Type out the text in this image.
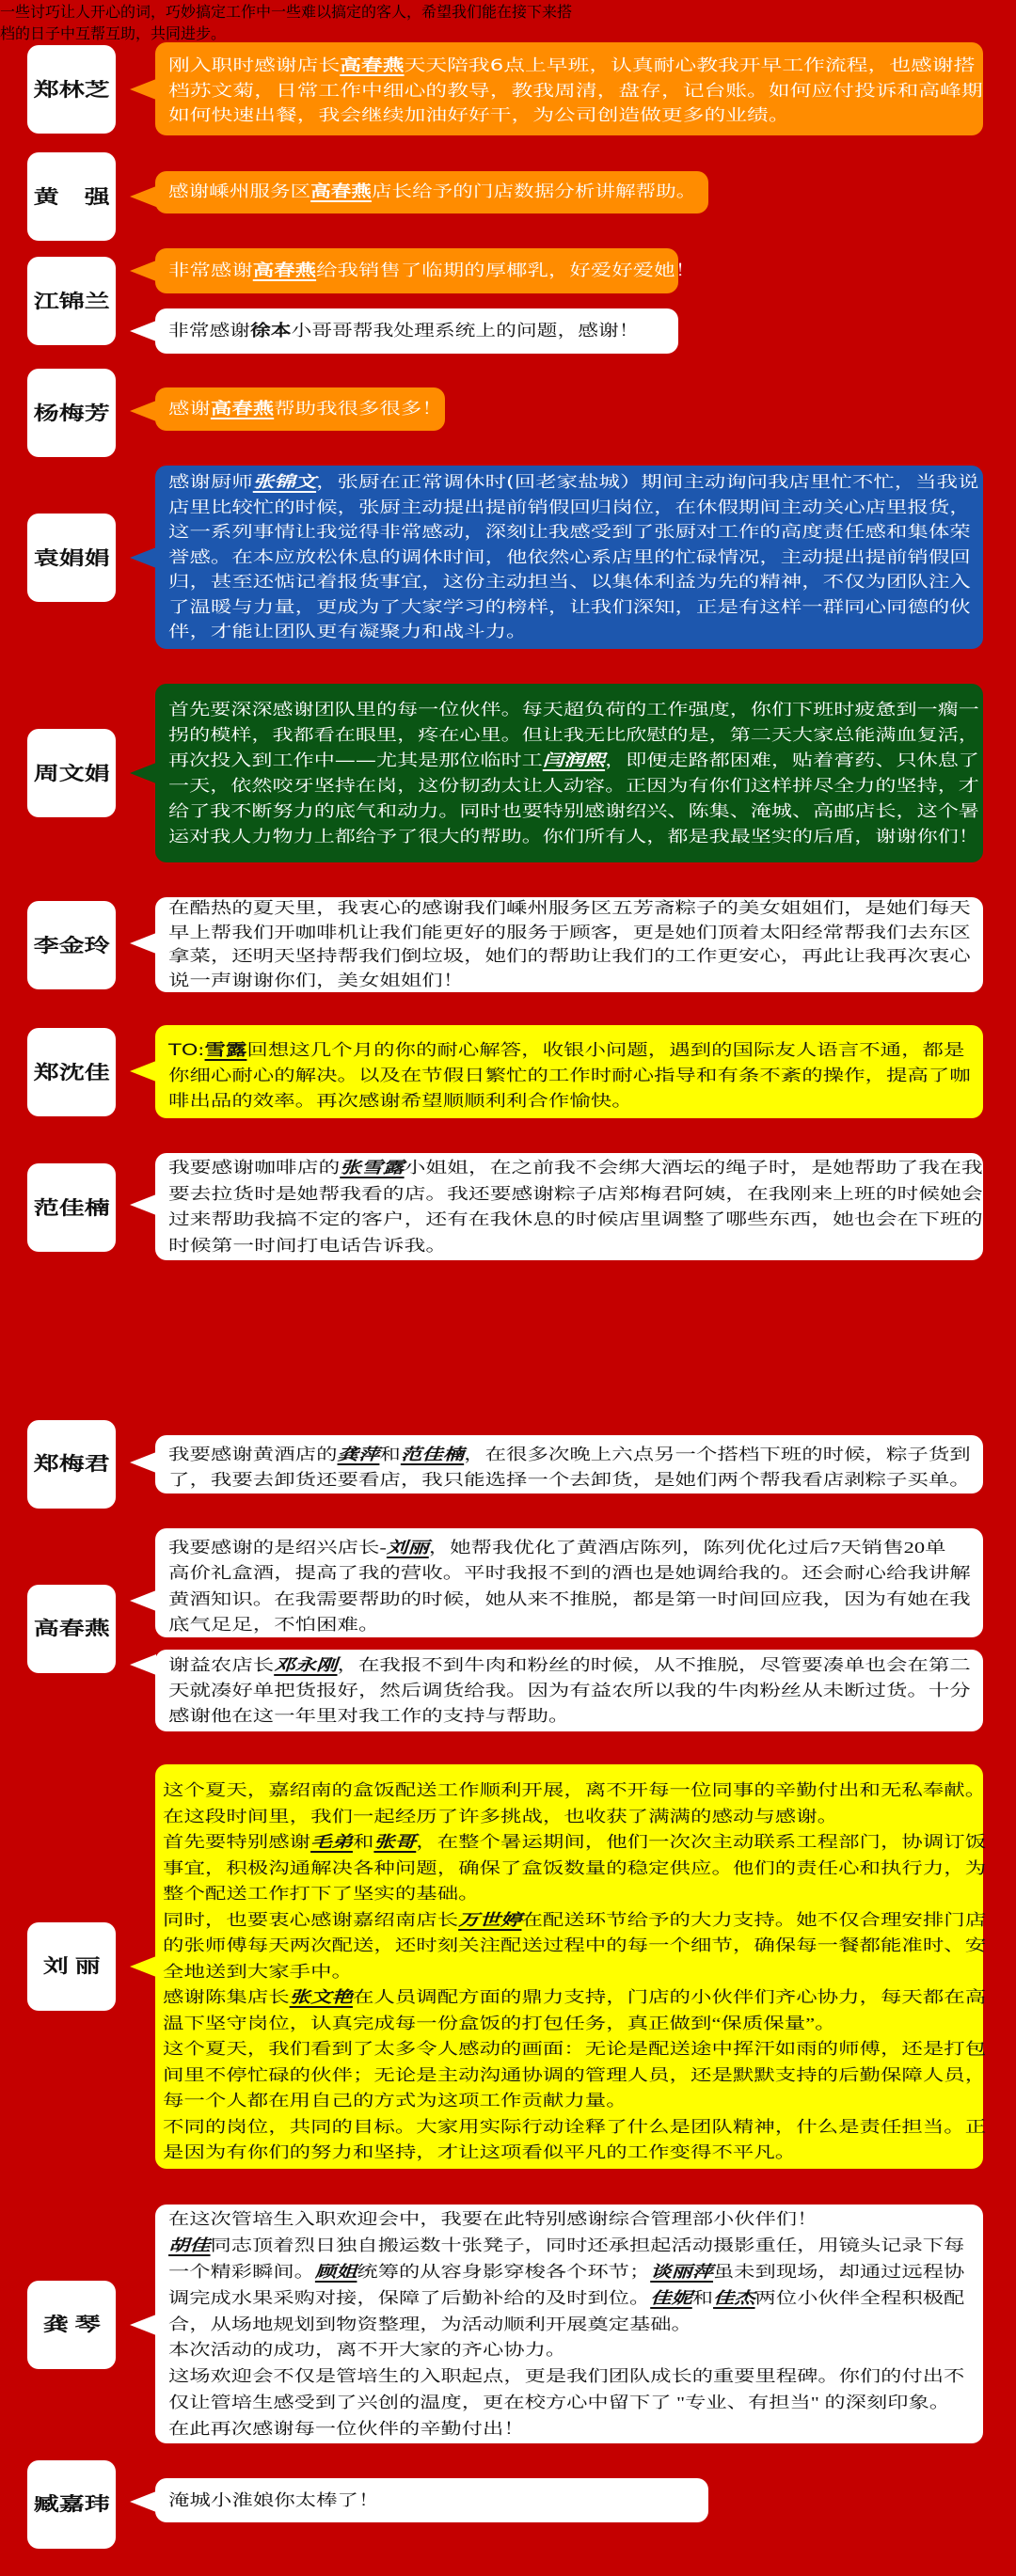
郑林芝
刚入职时感谢店长高春燕天天陪我6点上早班，认真耐心教我开早工作流程，也感谢搭
档苏文菊，日常工作中细心的教导，教我周清，盘存，记台账。如何应付投诉和高峰期
如何快速出餐，我会继续加油好好干，为公司创造做更多的业绩。
黄　强	感谢嵊州服务区高春燕店长给予的门店数据分析讲解帮助。
江锦兰
非常感谢高春燕给我销售了临期的厚椰乳，好爱好爱她！
非常感谢徐本小哥哥帮我处理系统上的问题，感谢！
杨梅芳	感谢高春燕帮助我很多很多！
袁娟娟
感谢厨师张锦文，张厨在正常调休时(回老家盐城）期间主动询问我店里忙不忙，当我说
店里比较忙的时候，张厨主动提出提前销假回归岗位，在休假期间主动关心店里报货，
这一系列事情让我觉得非常感动，深刻让我感受到了张厨对工作的高度责任感和集体荣
誉感。在本应放松休息的调休时间，他依然心系店里的忙碌情况，主动提出提前销假回
归，甚至还惦记着报货事宜，这份主动担当、以集体利益为先的精神，不仅为团队注入
了温暖与力量，更成为了大家学习的榜样，让我们深知，正是有这样一群同心同德的伙
伴，才能让团队更有凝聚力和战斗力。
周文娟
首先要深深感谢团队里的每一位伙伴。每天超负荷的工作强度，你们下班时疲惫到一瘸一
拐的模样，我都看在眼里，疼在心里。但让我无比欣慰的是，第二天大家总能满血复活，
再次投入到工作中——尤其是那位临时工闫润熙，即便走路都困难，贴着膏药、只休息了
一天，依然咬牙坚持在岗，这份韧劲太让人动容。正因为有你们这样拼尽全力的坚持，才
给了我不断努力的底气和动力。同时也要特别感谢绍兴、陈集、淹城、高邮店长，这个暑
运对我人力物力上都给予了很大的帮助。你们所有人，都是我最坚实的后盾，谢谢你们！
李金玲
在酷热的夏天里，我衷心的感谢我们嵊州服务区五芳斋粽子的美女姐姐们，是她们每天
早上帮我们开咖啡机让我们能更好的服务于顾客，更是她们顶着太阳经常帮我们去东区
拿菜，还明天坚持帮我们倒垃圾，她们的帮助让我们的工作更安心，再此让我再次衷心
说一声谢谢你们，美女姐姐们！
郑沈佳
TO:雪露回想这几个月的你的耐心解答，收银小问题，遇到的国际友人语言不通，都是
你细心耐心的解决。以及在节假日繁忙的工作时耐心指导和有条不紊的操作，提高了咖
啡出品的效率。再次感谢希望顺顺利利合作愉快。
范佳楠
我要感谢咖啡店的张雪露小姐姐，在之前我不会绑大酒坛的绳子时，是她帮助了我在我
要去拉货时是她帮我看的店。我还要感谢粽子店郑梅君阿姨，在我刚来上班的时候她会
过来帮助我搞不定的客户，还有在我休息的时候店里调整了哪些东西，她也会在下班的
时候第一时间打电话告诉我。
一些讨巧让人开心的词，巧妙搞定工作中一些难以搞定的客人，希望我们能在接下来搭
档的日子中互帮互助，共同进步。
郑梅君	我要感谢黄酒店的龚萍和范佳楠，在很多次晚上六点另一个搭档下班的时候，粽子货到
了，我要去卸货还要看店，我只能选择一个去卸货，是她们两个帮我看店剥粽子买单。
高春燕
我要感谢的是绍兴店长-刘丽，她帮我优化了黄酒店陈列，陈列优化过后7天销售20单
高价礼盒酒，提高了我的营收。平时我报不到的酒也是她调给我的。还会耐心给我讲解
黄酒知识。在我需要帮助的时候，她从来不推脱，都是第一时间回应我，因为有她在我
底气足足，不怕困难。
谢益农店长邓永刚，在我报不到牛肉和粉丝的时候，从不推脱，尽管要凑单也会在第二
天就凑好单把货报好，然后调货给我。因为有益农所以我的牛肉粉丝从未断过货。十分
感谢他在这一年里对我工作的支持与帮助。
刘 丽
这个夏天，嘉绍南的盒饭配送工作顺利开展，离不开每一位同事的辛勤付出和无私奉献。
在这段时间里，我们一起经历了许多挑战，也收获了满满的感动与感谢。
首先要特别感谢毛弟和张哥，在整个暑运期间，他们一次次主动联系工程部门，协调订饭
事宜，积极沟通解决各种问题，确保了盒饭数量的稳定供应。他们的责任心和执行力，为
整个配送工作打下了坚实的基础。
同时，也要衷心感谢嘉绍南店长万世婷在配送环节给予的大力支持。她不仅合理安排门店
的张师傅每天两次配送，还时刻关注配送过程中的每一个细节，确保每一餐都能准时、安
全地送到大家手中。
感谢陈集店长张文艳在人员调配方面的鼎力支持，门店的小伙伴们齐心协力，每天都在高
温下坚守岗位，认真完成每一份盒饭的打包任务，真正做到“保质保量”。
这个夏天，我们看到了太多令人感动的画面：无论是配送途中挥汗如雨的师傅，还是打包
间里不停忙碌的伙伴；无论是主动沟通协调的管理人员，还是默默支持的后勤保障人员，
每一个人都在用自己的方式为这项工作贡献力量。
不同的岗位，共同的目标。大家用实际行动诠释了什么是团队精神，什么是责任担当。正
是因为有你们的努力和坚持，才让这项看似平凡的工作变得不平凡。
龚 琴
在这次管培生入职欢迎会中，我要在此特别感谢综合管理部小伙伴们！
胡佳同志顶着烈日独自搬运数十张凳子，同时还承担起活动摄影重任，用镜头记录下每
一个精彩瞬间。顾姐统筹的从容身影穿梭各个环节；谈丽萍虽未到现场，却通过远程协
调完成水果采购对接，保障了后勤补给的及时到位。佳妮和佳杰两位小伙伴全程积极配
合，从场地规划到物资整理，为活动顺利开展奠定基础。
本次活动的成功，离不开大家的齐心协力。
这场欢迎会不仅是管培生的入职起点，更是我们团队成长的重要里程碑。你们的付出不
仅让管培生感受到了兴创的温度，更在校方心中留下了 "专业、有担当" 的深刻印象。
在此再次感谢每一位伙伴的辛勤付出！
臧嘉玮	淹城小淮娘你太棒了！
